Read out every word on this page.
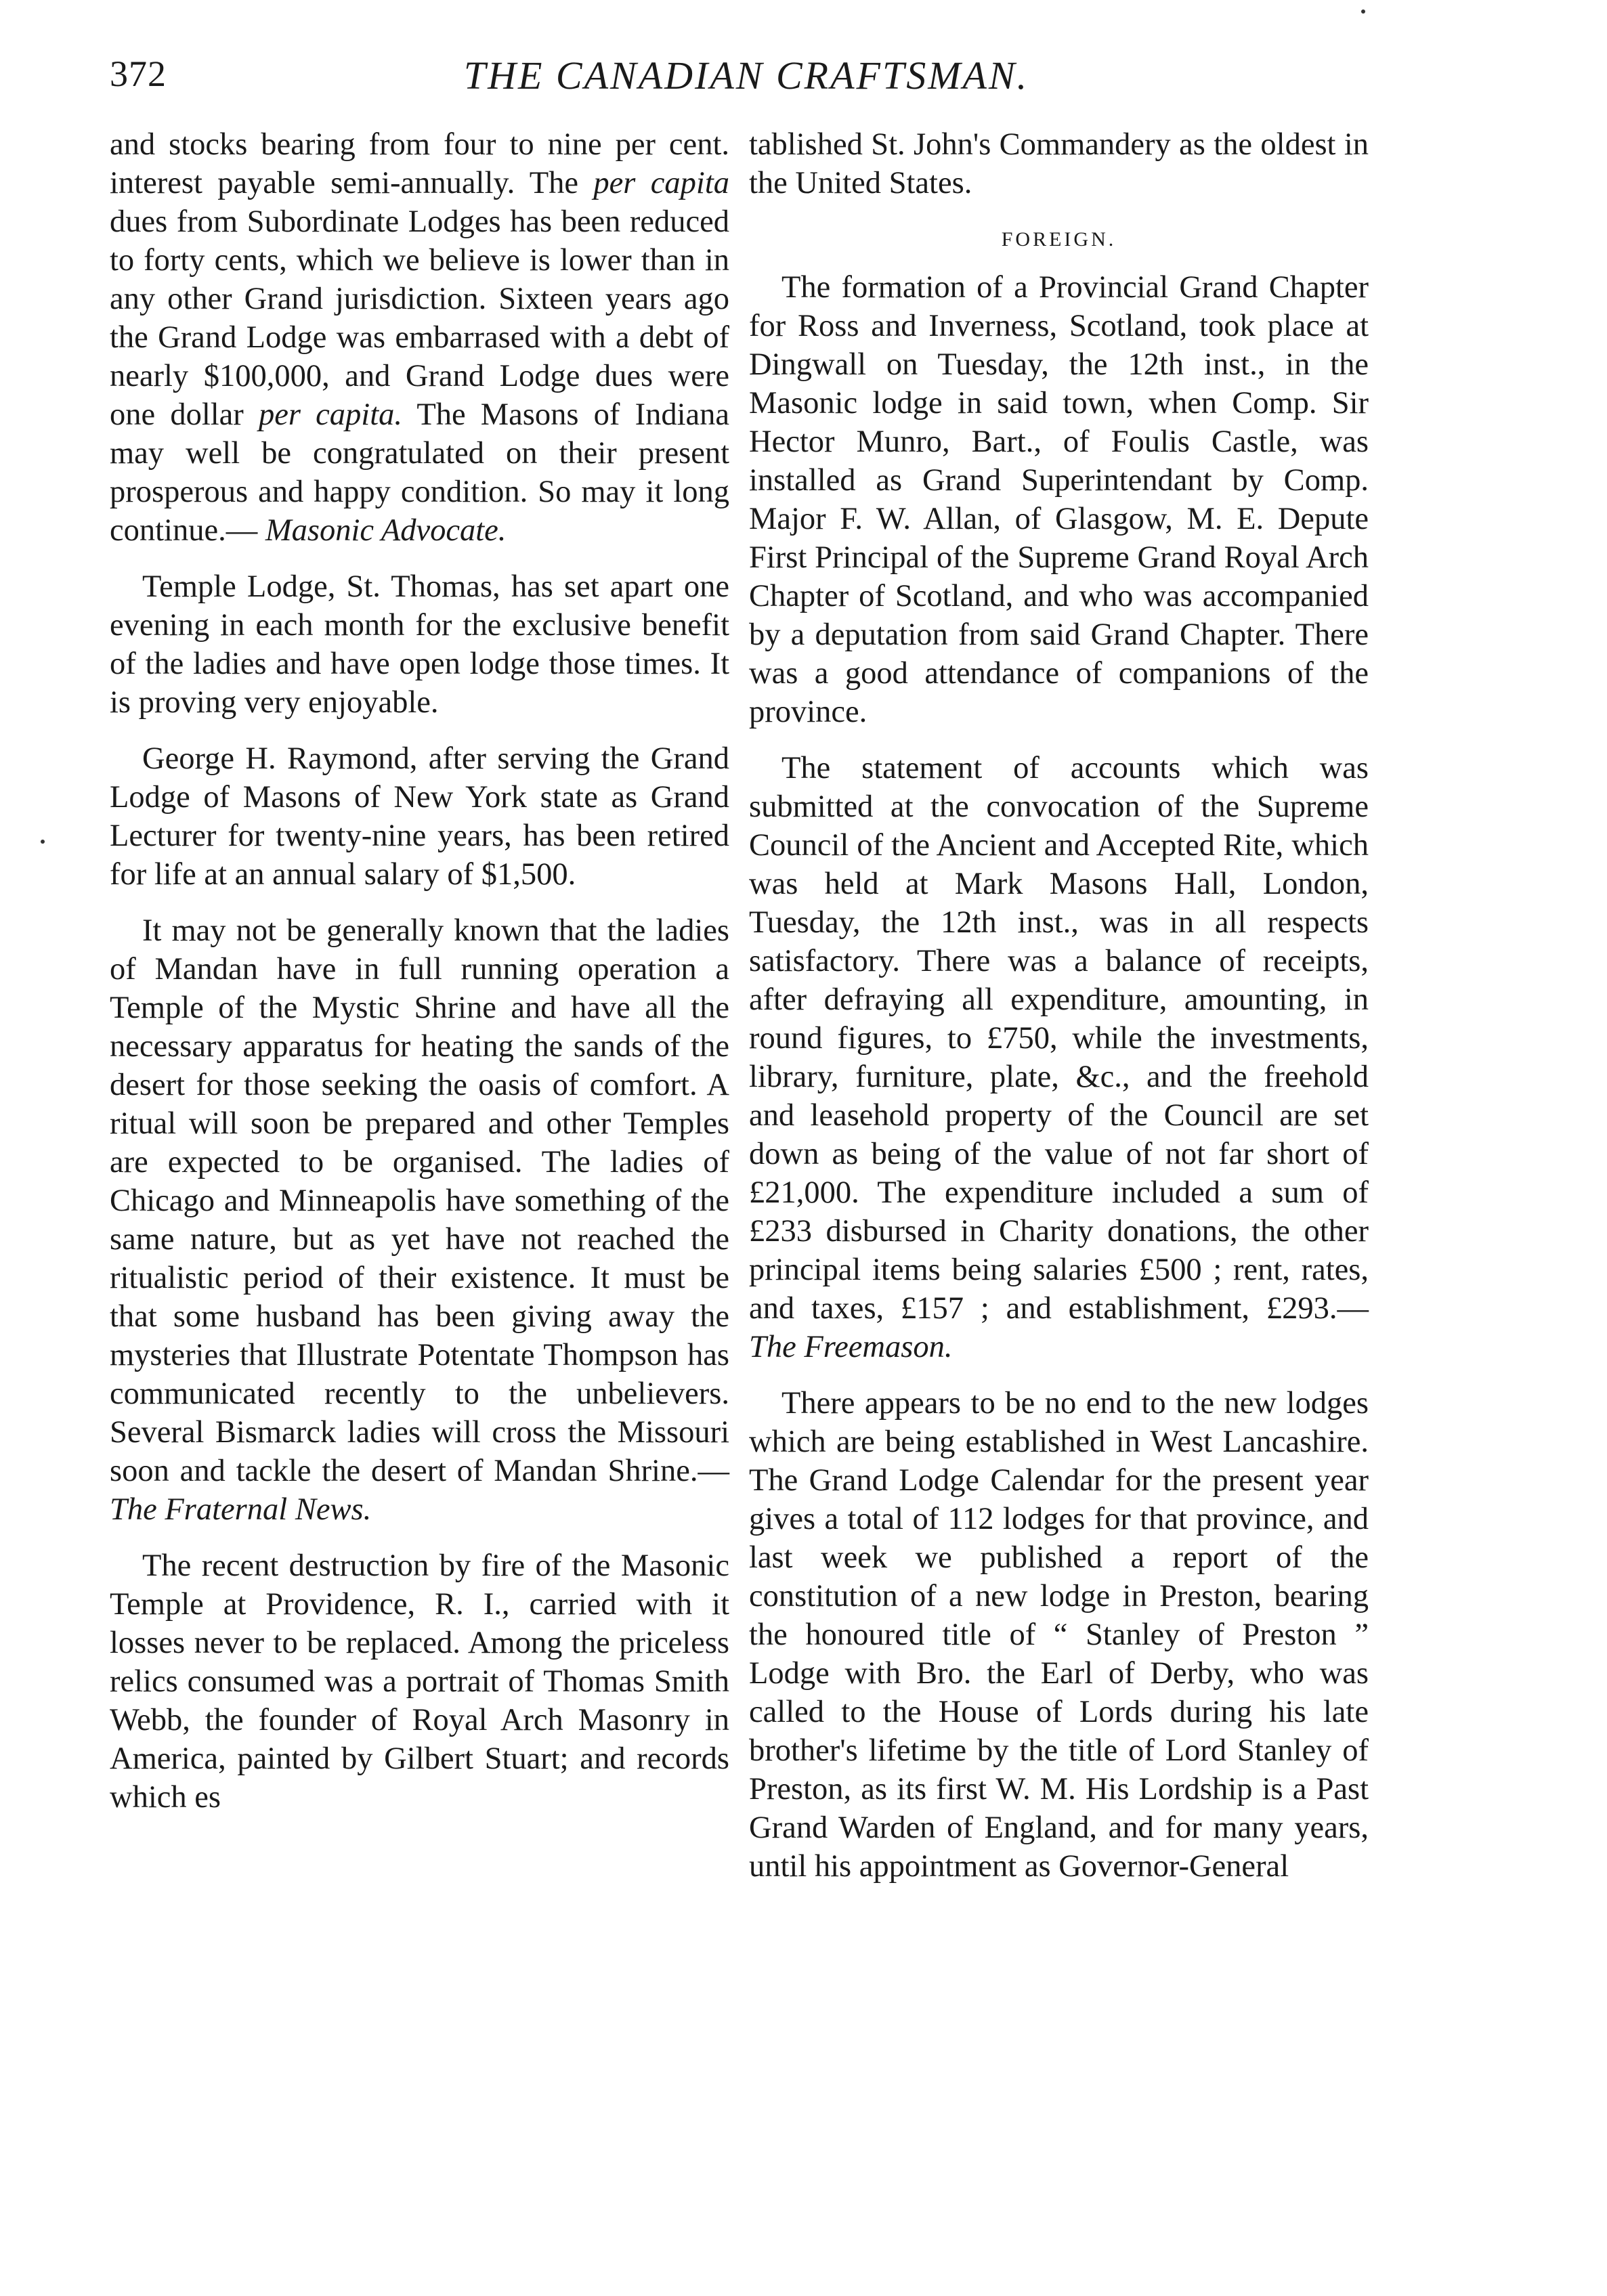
372	THE CANADIAN CRAFTSMAN.

and stocks bearing from four to nine per cent. interest payable semi-annually. The per capita dues from Subordinate Lodges has been reduced to forty cents, which we believe is lower than in any other Grand jurisdiction. Sixteen years ago the Grand Lodge was embarrased with a debt of nearly $100,000, and Grand Lodge dues were one dollar per capita. The Masons of Indiana may well be congratulated on their present prosperous and happy condition. So may it long continue.— Masonic Advocate.

Temple Lodge, St. Thomas, has set apart one evening in each month for the exclusive benefit of the ladies and have open lodge those times. It is proving very enjoyable.

George H. Raymond, after serving the Grand Lodge of Masons of New York state as Grand Lecturer for twenty-nine years, has been retired for life at an annual salary of $1,500.

It may not be generally known that the ladies of Mandan have in full running operation a Temple of the Mystic Shrine and have all the necessary apparatus for heating the sands of the desert for those seeking the oasis of comfort. A ritual will soon be prepared and other Temples are expected to be organised. The ladies of Chicago and Minneapolis have something of the same nature, but as yet have not reached the ritualistic period of their existence. It must be that some husband has been giving away the mysteries that Illustrate Potentate Thompson has communicated recently to the unbelievers. Several Bismarck ladies will cross the Missouri soon and tackle the desert of Mandan Shrine.— The Fraternal News.

The recent destruction by fire of the Masonic Temple at Providence, R. I., carried with it losses never to be replaced. Among the priceless relics consumed was a portrait of Thomas Smith Webb, the founder of Royal Arch Masonry in America, painted by Gilbert Stuart; and records which es

tablished St. John's Commandery as the oldest in the United States.

FOREIGN.

The formation of a Provincial Grand Chapter for Ross and Inverness, Scotland, took place at Dingwall on Tuesday, the 12th inst., in the Masonic lodge in said town, when Comp. Sir Hector Munro, Bart., of Foulis Castle, was installed as Grand Superintendant by Comp. Major F. W. Allan, of Glasgow, M. E. Depute First Principal of the Supreme Grand Royal Arch Chapter of Scotland, and who was accompanied by a deputation from said Grand Chapter. There was a good attendance of companions of the province.

The statement of accounts which was submitted at the convocation of the Supreme Council of the Ancient and Accepted Rite, which was held at Mark Masons Hall, London, Tuesday, the 12th inst., was in all respects satisfactory. There was a balance of receipts, after defraying all expenditure, amounting, in round figures, to £750, while the investments, library, furniture, plate, &c., and the freehold and leasehold property of the Council are set down as being of the value of not far short of £21,000. The expenditure included a sum of £233 disbursed in Charity donations, the other principal items being salaries £500 ; rent, rates, and taxes, £157 ; and establishment, £293.— The Freemason.

There appears to be no end to the new lodges which are being established in West Lancashire. The Grand Lodge Calendar for the present year gives a total of 112 lodges for that province, and last week we published a report of the constitution of a new lodge in Preston, bearing the honoured title of “ Stanley of Preston ” Lodge with Bro. the Earl of Derby, who was called to the House of Lords during his late brother's lifetime by the title of Lord Stanley of Preston, as its first W. M. His Lordship is a Past Grand Warden of England, and for many years, until his appointment as Governor-General
